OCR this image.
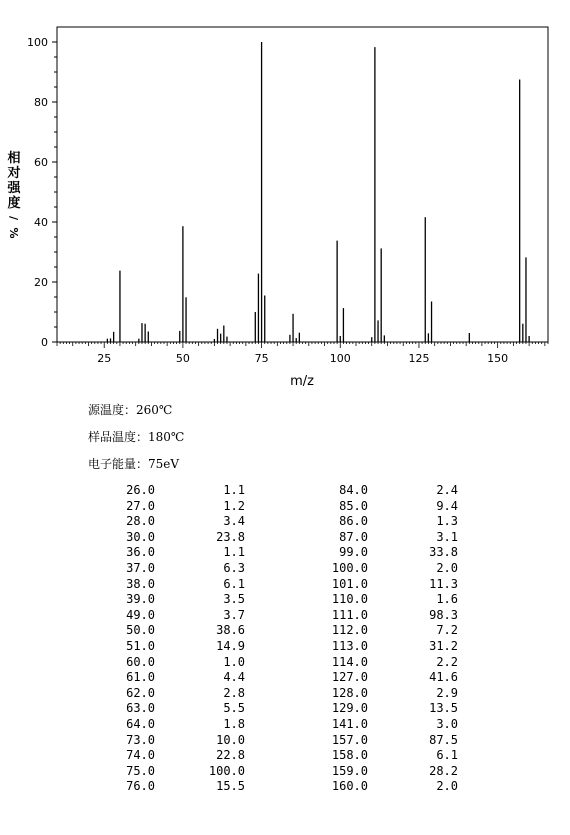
0
20
40
60
80
100
25	50	75	100	125	150
m/z
相
对
强
度
/
%
源温度：260℃
样品温度：180℃
电子能量：75eV
26.0	1.1	84.0	2.4
27.0	1.2	85.0	9.4
28.0	3.4	86.0	1.3
30.0	23.8	87.0	3.1
36.0	1.1	99.0	33.8
37.0	6.3	100.0	2.0
38.0	6.1	101.0	11.3
39.0	3.5	110.0	1.6
49.0	3.7	111.0	98.3
50.0	38.6	112.0	7.2
51.0	14.9	113.0	31.2
60.0	1.0	114.0	2.2
61.0	4.4	127.0	41.6
62.0	2.8	128.0	2.9
63.0	5.5	129.0	13.5
64.0	1.8	141.0	3.0
73.0	10.0	157.0	87.5
74.0	22.8	158.0	6.1
75.0	100.0	159.0	28.2
76.0	15.5	160.0	2.0
